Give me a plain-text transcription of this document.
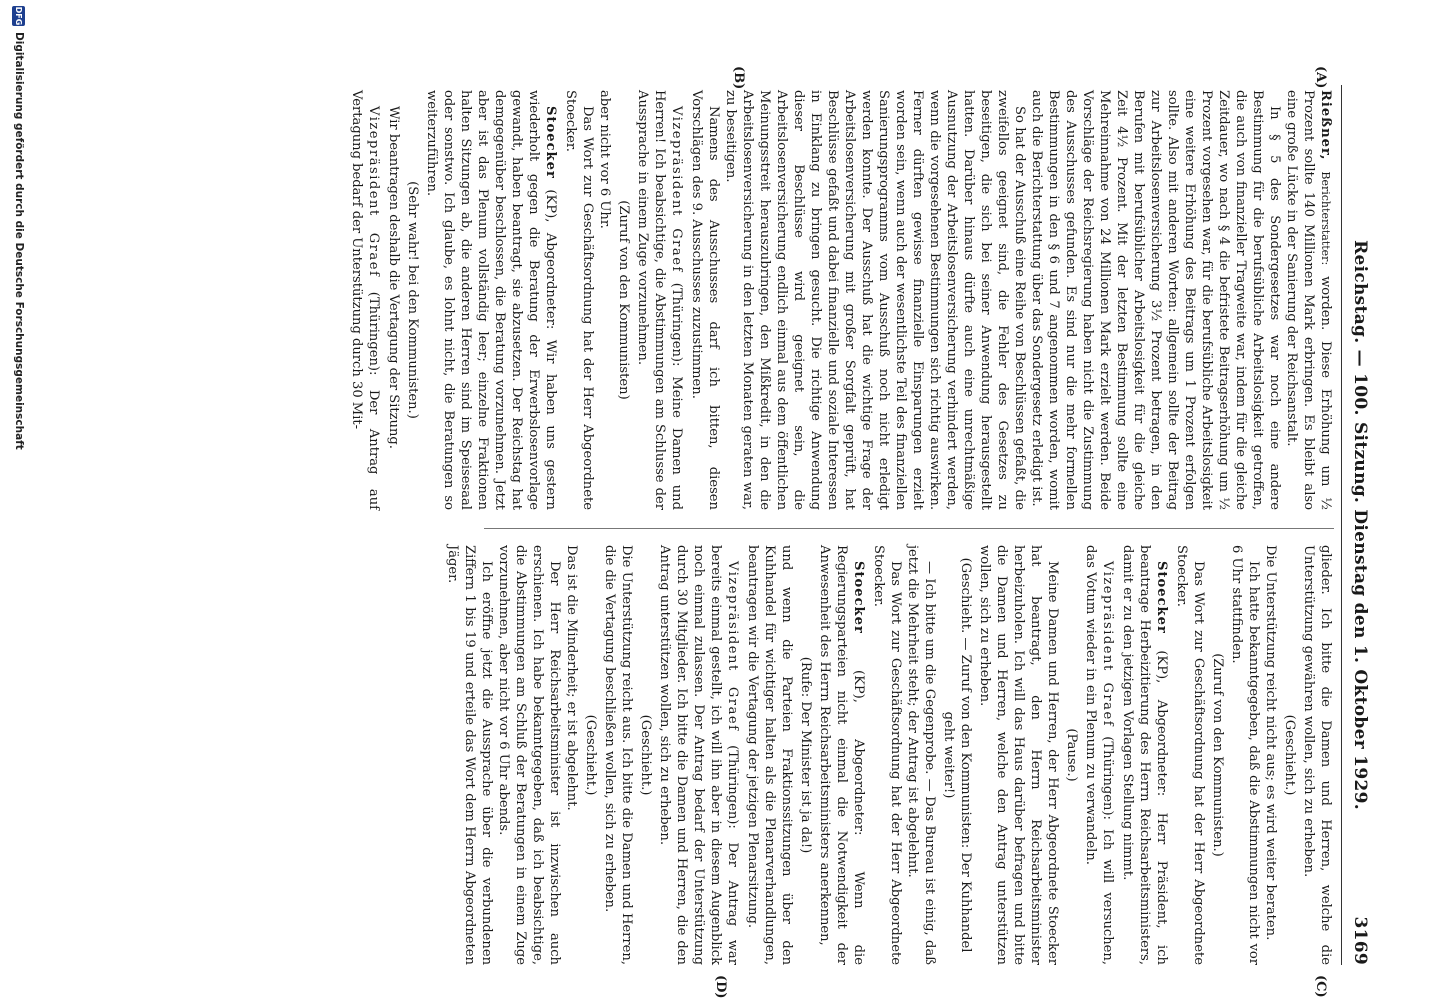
Reichstag. — 100. Sitzung. Dienstag den 1. Oktober 1929.
3169
(A)
(B)
(C)
(D)

Rießner, Berichterstatter: worden. Diese Erhöhung um ½ Prozent sollte 140 Millionen Mark erbringen. Es bleibt also eine große Lücke in der Sanierung der Reichsanstalt.

In § 5 des Sondergesetzes war noch eine andere Bestimmung für die berufsübliche Arbeitslosigkeit getroffen, die auch von finanzieller Tragweite war, indem für die gleiche Zeitdauer, wo nach § 4 die befristete Beitragserhöhung um ½ Prozent vorgesehen war, für die berufsübliche Arbeitslosigkeit eine weitere Erhöhung des Beitrags um 1 Prozent erfolgen sollte. Also mit anderen Worten: allgemein sollte der Beitrag zur Arbeitslosenversicherung 3½ Prozent betragen, in den Berufen mit berufsüblicher Arbeitslosigkeit für die gleiche Zeit 4½ Prozent. Mit der letzten Bestimmung sollte eine Mehreinnahme von 24 Millionen Mark erzielt werden. Beide Vorschläge der Reichsregierung haben nicht die Zustimmung des Ausschusses gefunden. Es sind nur die mehr formellen Bestimmungen in den § 6 und 7 angenommen worden, womit auch die Berichterstattung über das Sondergesetz erledigt ist.

So hat der Ausschuß eine Reihe von Beschlüssen gefaßt, die zweifellos geeignet sind, die Fehler des Gesetzes zu beseitigen, die sich bei seiner Anwendung herausgestellt hatten. Darüber hinaus dürfte auch eine unrechtmäßige Ausnutzung der Arbeitslosenversicherung verhindert werden, wenn die vorgesehenen Bestimmungen sich richtig auswirken. Ferner dürften gewisse finanzielle Einsparungen erzielt worden sein, wenn auch der wesentlichste Teil des finanziellen Sanierungsprogramms vom Ausschuß noch nicht erledigt werden konnte. Der Ausschuß hat die wichtige Frage der Arbeitslosenversicherung mit großer Sorgfalt geprüft, hat Beschlüsse gefaßt und dabei finanzielle und soziale Interessen in Einklang zu bringen gesucht. Die richtige Anwendung dieser Beschlüsse wird geeignet sein, die Arbeitslosenversicherung endlich einmal aus dem öffentlichen Meinungsstreit herauszubringen, den Mißkredit, in den die Arbeitslosenversicherung in den letzten Monaten geraten war, zu beseitigen.

Namens des Ausschusses darf ich bitten, diesen Vorschlägen des 9. Ausschusses zuzustimmen.

Vizepräsident Graef (Thüringen): Meine Damen und Herren! Ich beabsichtige, die Abstimmungen am Schlusse der Aussprache in einem Zuge vorzunehmen.

(Zuruf von den Kommunisten)

aber nicht vor 6 Uhr.

Das Wort zur Geschäftsordnung hat der Herr Abgeordnete Stoecker.

Stoecker (KP), Abgeordneter: Wir haben uns gestern wiederholt gegen die Beratung der Erwerbslosenvorlage gewandt, haben beantragt, sie abzusetzen. Der Reichstag hat demgegenüber beschlossen, die Beratung vorzunehmen. Jetzt aber ist das Plenum vollständig leer; einzelne Fraktionen halten Sitzungen ab, die anderen Herren sind im Speisesaal oder sonstwo. Ich glaube, es lohnt nicht, die Beratungen so weiterzuführen.

(Sehr wahr! bei den Kommunisten.)

Wir beantragen deshalb die Vertagung der Sitzung.

Vizepräsident Graef (Thüringen): Der Antrag auf Vertagung bedarf der Unterstützung durch 30 Mit-

glieder. Ich bitte die Damen und Herren, welche die Unterstützung gewähren wollen, sich zu erheben.

(Geschieht.)

Die Unterstützung reicht nicht aus; es wird weiter beraten.

Ich hatte bekanntgegeben, daß die Abstimmungen nicht vor 6 Uhr stattfinden.

(Zuruf von den Kommunisten.)

Das Wort zur Geschäftsordnung hat der Herr Abgeordnete Stoecker.

Stoecker (KP), Abgeordneter: Herr Präsident, ich beantrage Herbeizitierung des Herrn Reichsarbeitsministers, damit er zu den jetzigen Vorlagen Stellung nimmt.

Vizepräsident Graef (Thüringen): Ich will versuchen, das Votum wieder in ein Plenum zu verwandeln.

(Pause.)

Meine Damen und Herren, der Herr Abgeordnete Stoecker hat beantragt, den Herrn Reichsarbeitsminister herbeizuholen. Ich will das Haus darüber befragen und bitte die Damen und Herren, welche den Antrag unterstützen wollen, sich zu erheben.

(Geschieht. — Zuruf von den Kommunisten: Der Kuhhandel geht weiter!)

— Ich bitte um die Gegenprobe. — Das Bureau ist einig, daß jetzt die Mehrheit steht; der Antrag ist abgelehnt.

Das Wort zur Geschäftsordnung hat der Herr Abgeordnete Stoecker.

Stoecker (KP), Abgeordneter: Wenn die Regierungsparteien nicht einmal die Notwendigkeit der Anwesenheit des Herrn Reichsarbeitsministers anerkennen,

(Rufe: Der Minister ist ja da!)

und wenn die Parteien Fraktionssitzungen über den Kuhhandel für wichtiger halten als die Plenarverhandlungen, beantragen wir die Vertagung der jetzigen Plenarsitzung.

Vizepräsident Graef (Thüringen): Der Antrag war bereits einmal gestellt, ich will ihn aber in diesem Augenblick noch einmal zulassen. Der Antrag bedarf der Unterstützung durch 30 Mitglieder. Ich bitte die Damen und Herren, die den Antrag unterstützen wollen, sich zu erheben.

(Geschieht.)

Die Unterstützung reicht aus. Ich bitte die Damen und Herren, die die Vertagung beschließen wollen, sich zu erheben.

(Geschieht.)

Das ist die Minderheit; er ist abgelehnt.

Der Herr Reichsarbeitsminister ist inzwischen auch erschienen. Ich habe bekanntgegeben, daß ich beabsichtige, die Abstimmungen am Schluß der Beratungen in einem Zuge vorzunehmen, aber nicht vor 6 Uhr abends.

Ich eröffne jetzt die Aussprache über die verbundenen Ziffern 1 bis 19 und erteile das Wort dem Herrn Abgeordneten Jäger.

DFG
Digitalisierung gefördert durch die Deutsche Forschungsgemeinschaft
